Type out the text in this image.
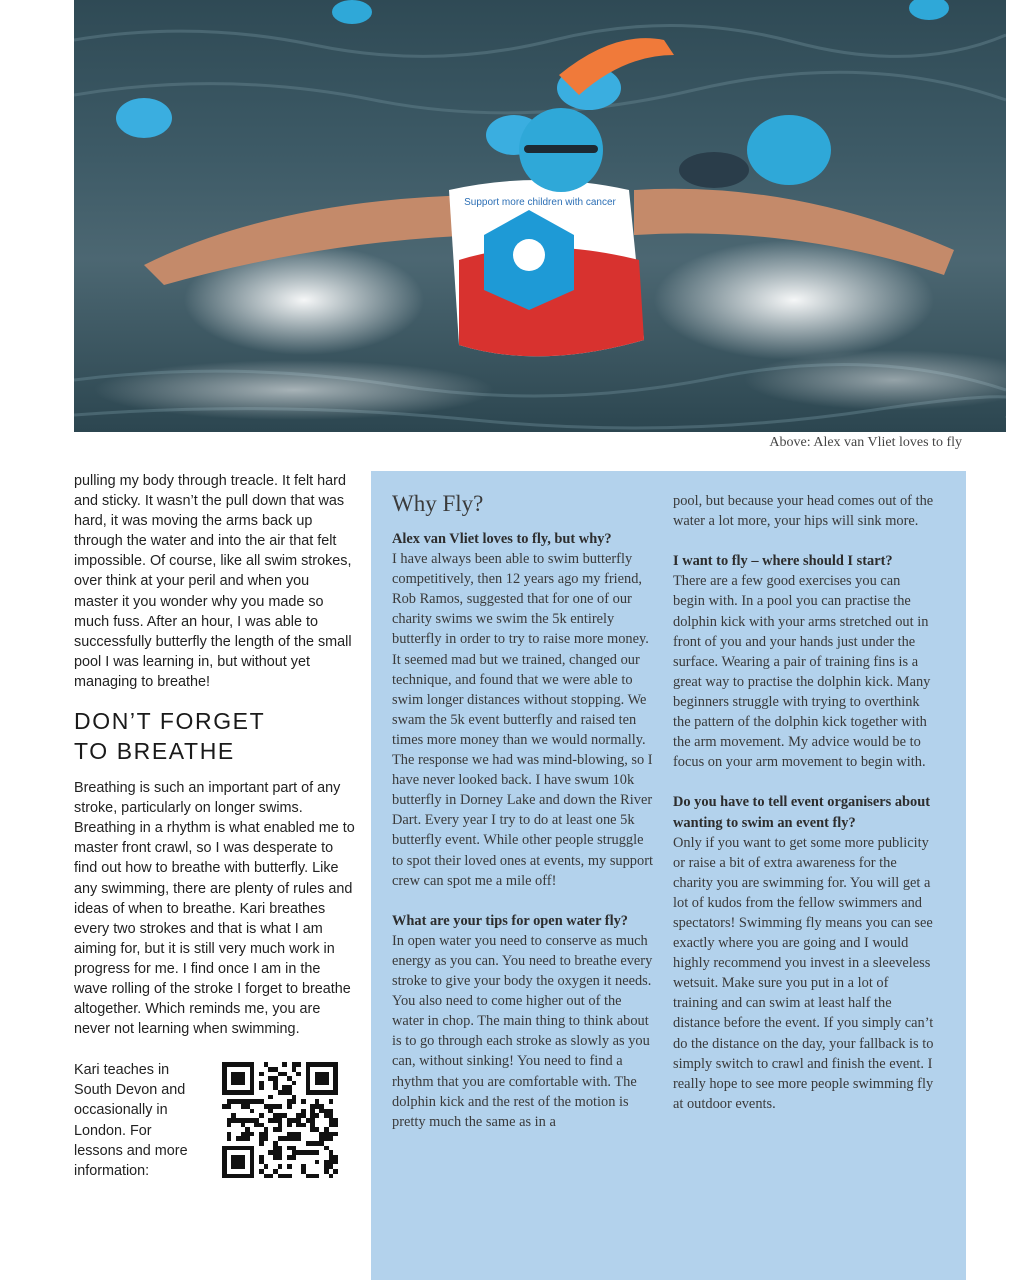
Support more children with cancer
Above: Alex van Vliet loves to fly

pulling my body through treacle. It felt hard and sticky. It wasn’t the pull down that was hard, it was moving the arms back up through the water and into the air that felt impossible. Of course, like all swim strokes, over think at your peril and when you master it you wonder why you made so much fuss. After an hour, I was able to successfully butterfly the length of the small pool I was learning in, but without yet managing to breathe!

DON’T FORGET
TO BREATHE

Breathing is such an important part of any stroke, particularly on longer swims. Breathing in a rhythm is what enabled me to master front crawl, so I was desperate to find out how to breathe with butterfly. Like any swimming, there are plenty of rules and ideas of when to breathe. Kari breathes every two strokes and that is what I am aiming for, but it is still very much work in progress for me. I find once I am in the wave rolling of the stroke I forget to breathe altogether. Which reminds me, you are never not learning when swimming.

Kari teaches in South Devon and occasionally in London. For lessons and more information:
Why Fly?

Alex van Vliet loves to fly, but why?
I have always been able to swim butterfly competitively, then 12 years ago my friend, Rob Ramos, suggested that for one of our charity swims we swim the 5k entirely butterfly in order to try to raise more money. It seemed mad but we trained, changed our technique, and found that we were able to swim longer distances without stopping. We swam the 5k event butterfly and raised ten times more money than we would normally. The response we had was mind-blowing, so I have never looked back. I have swum 10k butterfly in Dorney Lake and down the River Dart. Every year I try to do at least one 5k butterfly event. While other people struggle to spot their loved ones at events, my support crew can spot me a mile off!

What are your tips for open water fly?
In open water you need to conserve as much energy as you can. You need to breathe every stroke to give your body the oxygen it needs. You also need to come higher out of the water in chop. The main thing to think about is to go through each stroke as slowly as you can, without sinking! You need to find a rhythm that you are comfortable with. The dolphin kick and the rest of the motion is pretty much the same as in a

pool, but because your head comes out of the water a lot more, your hips will sink more.

I want to fly – where should I start?
There are a few good exercises you can begin with. In a pool you can practise the dolphin kick with your arms stretched out in front of you and your hands just under the surface. Wearing a pair of training fins is a great way to practise the dolphin kick. Many beginners struggle with trying to overthink the pattern of the dolphin kick together with the arm movement. My advice would be to focus on your arm movement to begin with.

Do you have to tell event organisers about wanting to swim an event fly?
Only if you want to get some more publicity or raise a bit of extra awareness for the charity you are swimming for. You will get a lot of kudos from the fellow swimmers and spectators! Swimming fly means you can see exactly where you are going and I would highly recommend you invest in a sleeveless wetsuit. Make sure you put in a lot of training and can swim at least half the distance before the event. If you simply can’t do the distance on the day, your fallback is to simply switch to crawl and finish the event. I really hope to see more people swimming fly at outdoor events.
